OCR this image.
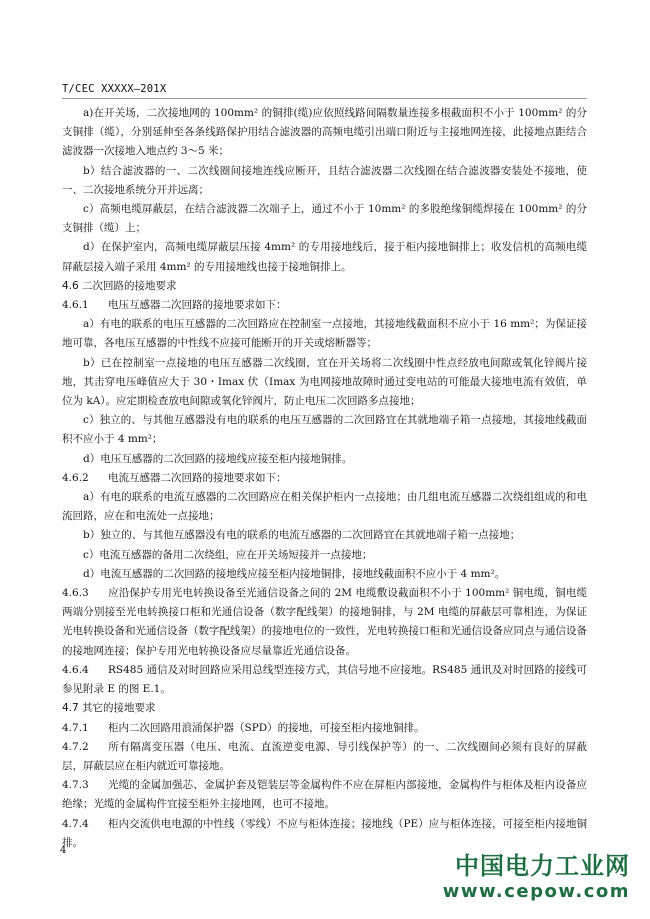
T/CEC XXXXX—201X

a)在开关场，二次接地网的 100mm² 的铜排(缆)应依照线路间隔数量连接多根截面积不小于 100mm² 的分支铜排（缆），分别延伸至各条线路保护用结合滤波器的高频电缆引出端口附近与主接地网连接，此接地点距结合滤波器一次接地入地点约 3～5 米；

b）结合滤波器的一、二次线圈间接地连线应断开，且结合滤波器二次线圈在结合滤波器安装处不接地，使一、二次接地系统分开并远离；

c）高频电缆屏蔽层，在结合滤波器二次端子上，通过不小于 10mm² 的多股绝缘铜缆焊接在 100mm² 的分支铜排（缆）上；

d）在保护室内，高频电缆屏蔽层压接 4mm² 的专用接地线后，接于柜内接地铜排上；收发信机的高频电缆屏蔽层接入端子采用 4mm² 的专用接地线也接于接地铜排上。

4.6 二次回路的接地要求

4.6.1 电压互感器二次回路的接地要求如下：

a）有电的联系的电压互感器的二次回路应在控制室一点接地，其接地线截面积不应小于 16 mm²；为保证接地可靠，各电压互感器的中性线不应接可能断开的开关或熔断器等；

b）已在控制室一点接地的电压互感器二次线圈，宜在开关场将二次线圈中性点经放电间隙或氧化锌阀片接地，其击穿电压峰值应大于 30・Imax 伏（Imax 为电网接地故障时通过变电站的可能最大接地电流有效值，单位为 kA）。应定期检查放电间隙或氧化锌阀片，防止电压二次回路多点接地；

c）独立的、与其他互感器没有电的联系的电压互感器的二次回路宜在其就地端子箱一点接地，其接地线截面积不应小于 4 mm²；

d）电压互感器的二次回路的接地线应接至柜内接地铜排。

4.6.2 电流互感器二次回路的接地要求如下：

a）有电的联系的电流互感器的二次回路应在相关保护柜内一点接地；由几组电流互感器二次绕组组成的和电流回路，应在和电流处一点接地；

b）独立的、与其他互感器没有电的联系的电流互感器的二次回路宜在其就地端子箱一点接地；

c）电流互感器的备用二次绕组，应在开关场短接并一点接地；

d）电流互感器的二次回路的接地线应接至柜内接地铜排，接地线截面积不应小于 4 mm²。

4.6.3 应沿保护专用光电转换设备至光通信设备之间的 2M 电缆敷设截面积不小于 100mm² 铜电缆，铜电缆两端分别接至光电转换接口柜和光通信设备（数字配线架）的接地铜排，与 2M 电缆的屏蔽层可靠相连，为保证光电转换设备和光通信设备（数字配线架）的接地电位的一致性，光电转换接口柜和光通信设备应同点与通信设备的接地网连接；保护专用光电转换设备应尽量靠近光通信设备。

4.6.4 RS485 通信及对时回路应采用总线型连接方式，其信号地不应接地。RS485 通讯及对时回路的接线可参见附录 E 的图 E.1。

4.7 其它的接地要求

4.7.1 柜内二次回路用浪涌保护器（SPD）的接地，可接至柜内接地铜排。

4.7.2 所有隔离变压器（电压、电流、直流逆变电源、导引线保护等）的一、二次线圈间必须有良好的屏蔽层，屏蔽层应在柜内就近可靠接地。

4.7.3 光缆的金属加强芯、金属护套及铠装层等金属构件不应在屏柜内部接地，金属构件与柜体及柜内设备应绝缘；光缆的金属构件宜接至柜外主接地网，也可不接地。

4.7.4 柜内交流供电电源的中性线（零线）不应与柜体连接；接地线（PE）应与柜体连接，可接至柜内接地铜排。

4
中国电力工业网
www.cepow.com
